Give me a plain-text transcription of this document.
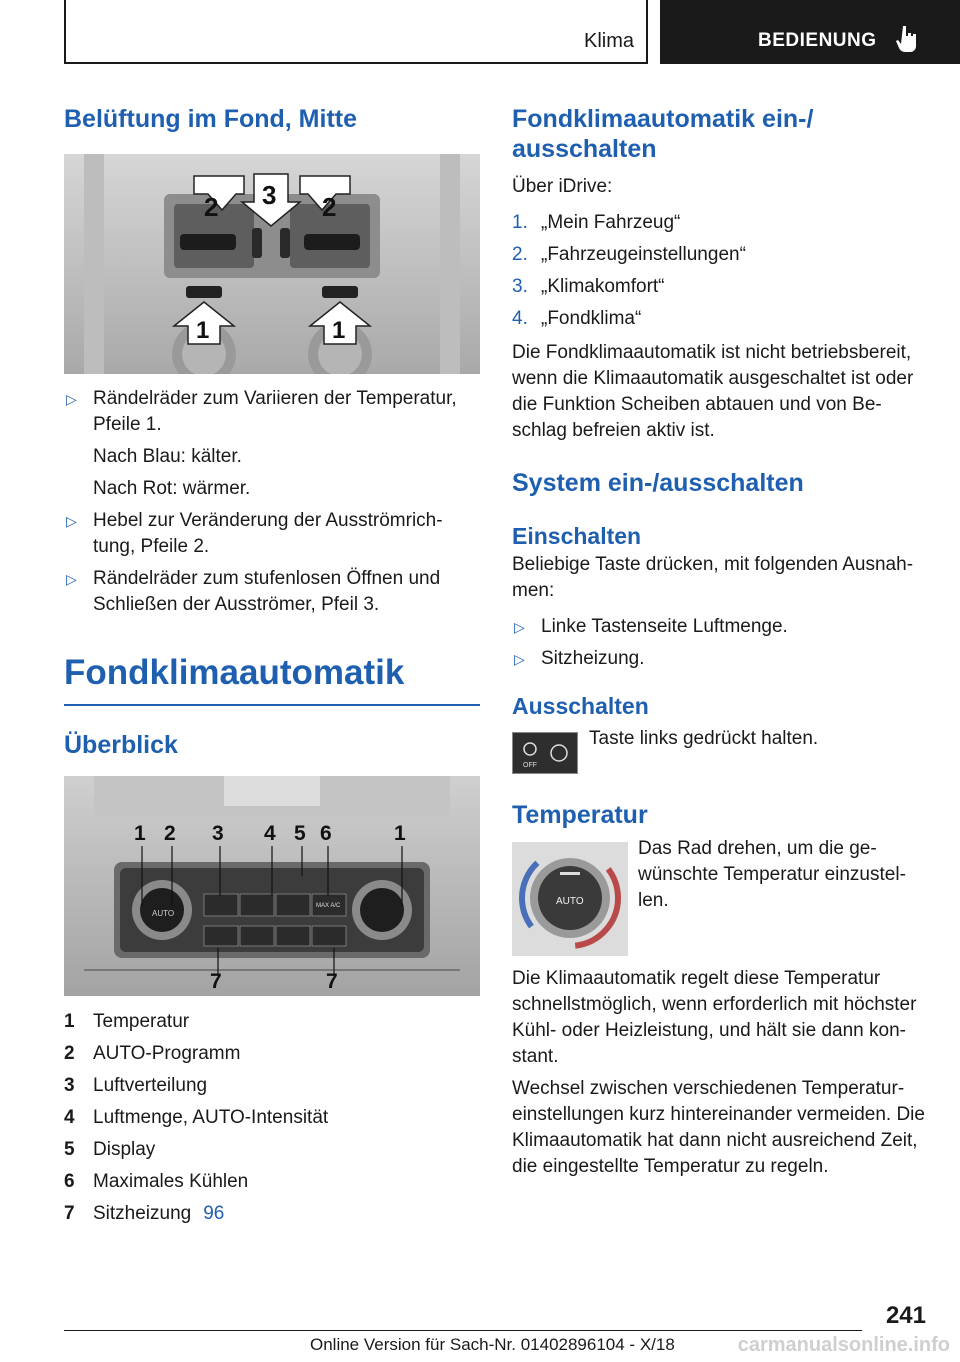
Klima	BEDIENUNG
Belüftung im Fond, Mitte
2 3 2
1	1
▷ Rändelräder zum Variieren der Temperatur, Pfeile 1.
Nach Blau: kälter.
Nach Rot: wärmer.
▷ Hebel zur Veränderung der Ausströmrich-tung, Pfeile 2.
▷ Rändelräder zum stufenlosen Öffnen und Schließen der Ausströmer, Pfeil 3.
Fondklimaautomatik
Überblick
AUTO
MAX A/C
1 2 3 4 5 6	1
7	7
1 Temperatur
2 AUTO-Programm
3 Luftverteilung
4 Luftmenge, AUTO-Intensität
5 Display
6 Maximales Kühlen
7 Sitzheizung 96
Fondklimaautomatik ein-/ ausschalten

Über iDrive:

1. „Mein Fahrzeug“
2. „Fahrzeugeinstellungen“
3. „Klimakomfort“
4. „Fondklima“

Die Fondklimaautomatik ist nicht betriebsbereit, wenn die Klimaautomatik ausgeschaltet ist oder die Funktion Scheiben abtauen und von Be-schlag befreien aktiv ist.

System ein-/ausschalten
Einschalten

Beliebige Taste drücken, mit folgenden Ausnah-men:

▷ Linke Tastenseite Luftmenge.
▷ Sitzheizung.
Ausschalten
OFF

Taste links gedrückt halten.

Temperatur
AUTO

Das Rad drehen, um die ge-wünschte Temperatur einzustel-len.

Die Klimaautomatik regelt diese Temperatur schnellstmöglich, wenn erforderlich mit höchster Kühl- oder Heizleistung, und hält sie dann kon-stant.

Wechsel zwischen verschiedenen Temperatur-einstellungen kurz hintereinander vermeiden. Die Klimaautomatik hat dann nicht ausreichend Zeit, die eingestellte Temperatur zu regeln.

241
Online Version für Sach-Nr. 01402896104 - X/18	carmanualsonline.info
